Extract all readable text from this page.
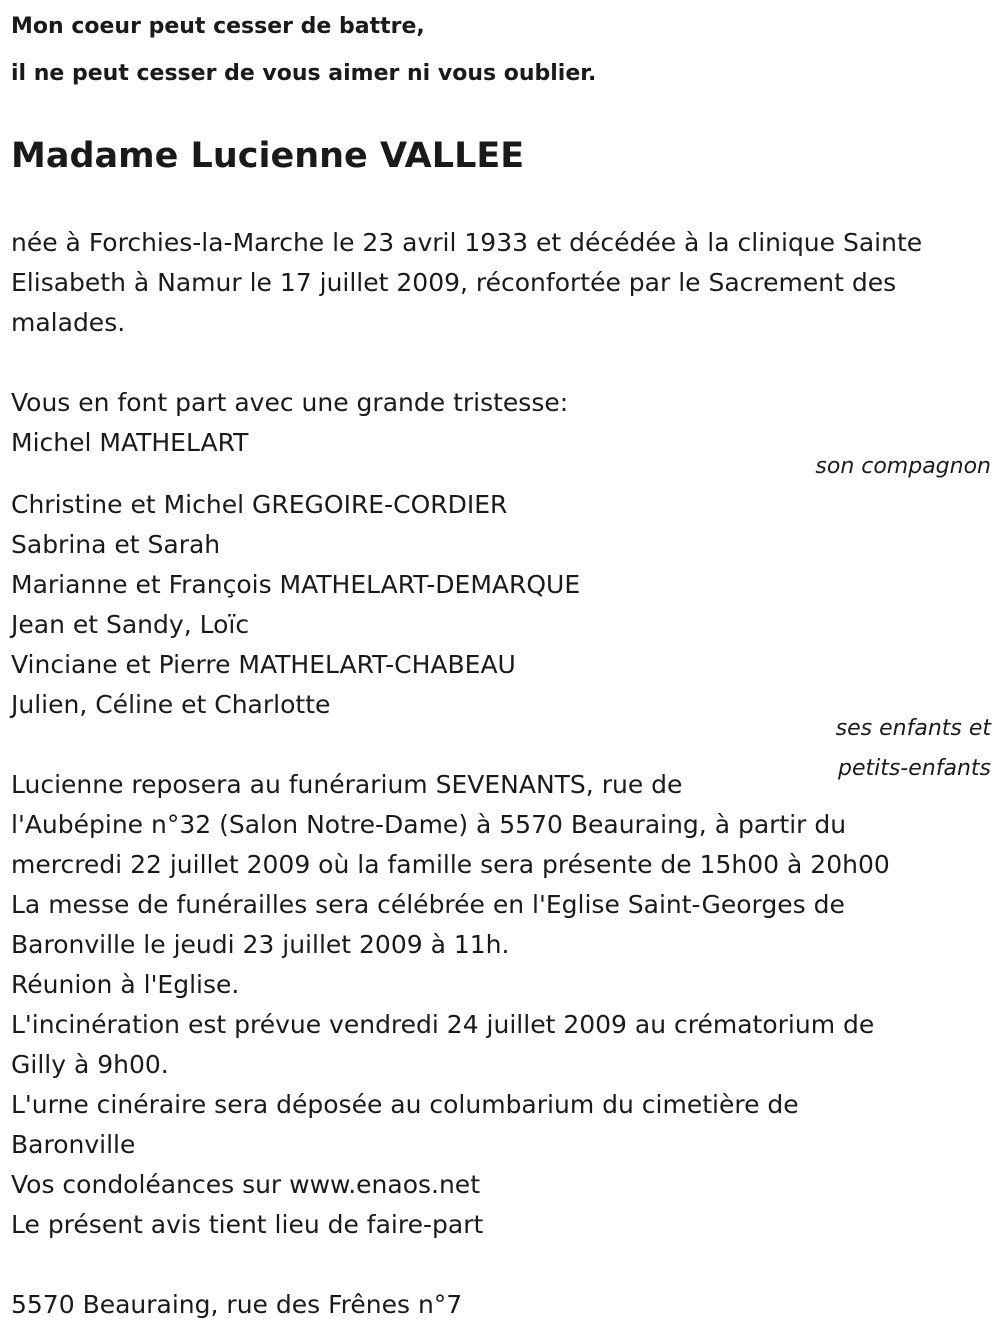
Mon coeur peut cesser de battre,
il ne peut cesser de vous aimer ni vous oublier.
Madame Lucienne VALLEE
née à Forchies-la-Marche le 23 avril 1933 et décédée à la clinique Sainte
Elisabeth à Namur le 17 juillet 2009, réconfortée par le Sacrement des
malades.
Vous en font part avec une grande tristesse:
Michel MATHELART
son compagnon
Christine et Michel GREGOIRE-CORDIER
Sabrina et Sarah
Marianne et François MATHELART-DEMARQUE
Jean et Sandy, Loïc
Vinciane et Pierre MATHELART-CHABEAU
Julien, Céline et Charlotte
ses enfants et
petits-enfants
Lucienne reposera au funérarium SEVENANTS, rue de
l'Aubépine n°32 (Salon Notre-Dame) à 5570 Beauraing, à partir du
mercredi 22 juillet 2009 où la famille sera présente de 15h00 à 20h00
La messe de funérailles sera célébrée en l'Eglise Saint-Georges de
Baronville le jeudi 23 juillet 2009 à 11h.
Réunion à l'Eglise.
L'incinération est prévue vendredi 24 juillet 2009 au crématorium de
Gilly à 9h00.
L'urne cinéraire sera déposée au columbarium du cimetière de
Baronville
Vos condoléances sur www.enaos.net
Le présent avis tient lieu de faire-part
5570 Beauraing, rue des Frênes n°7
